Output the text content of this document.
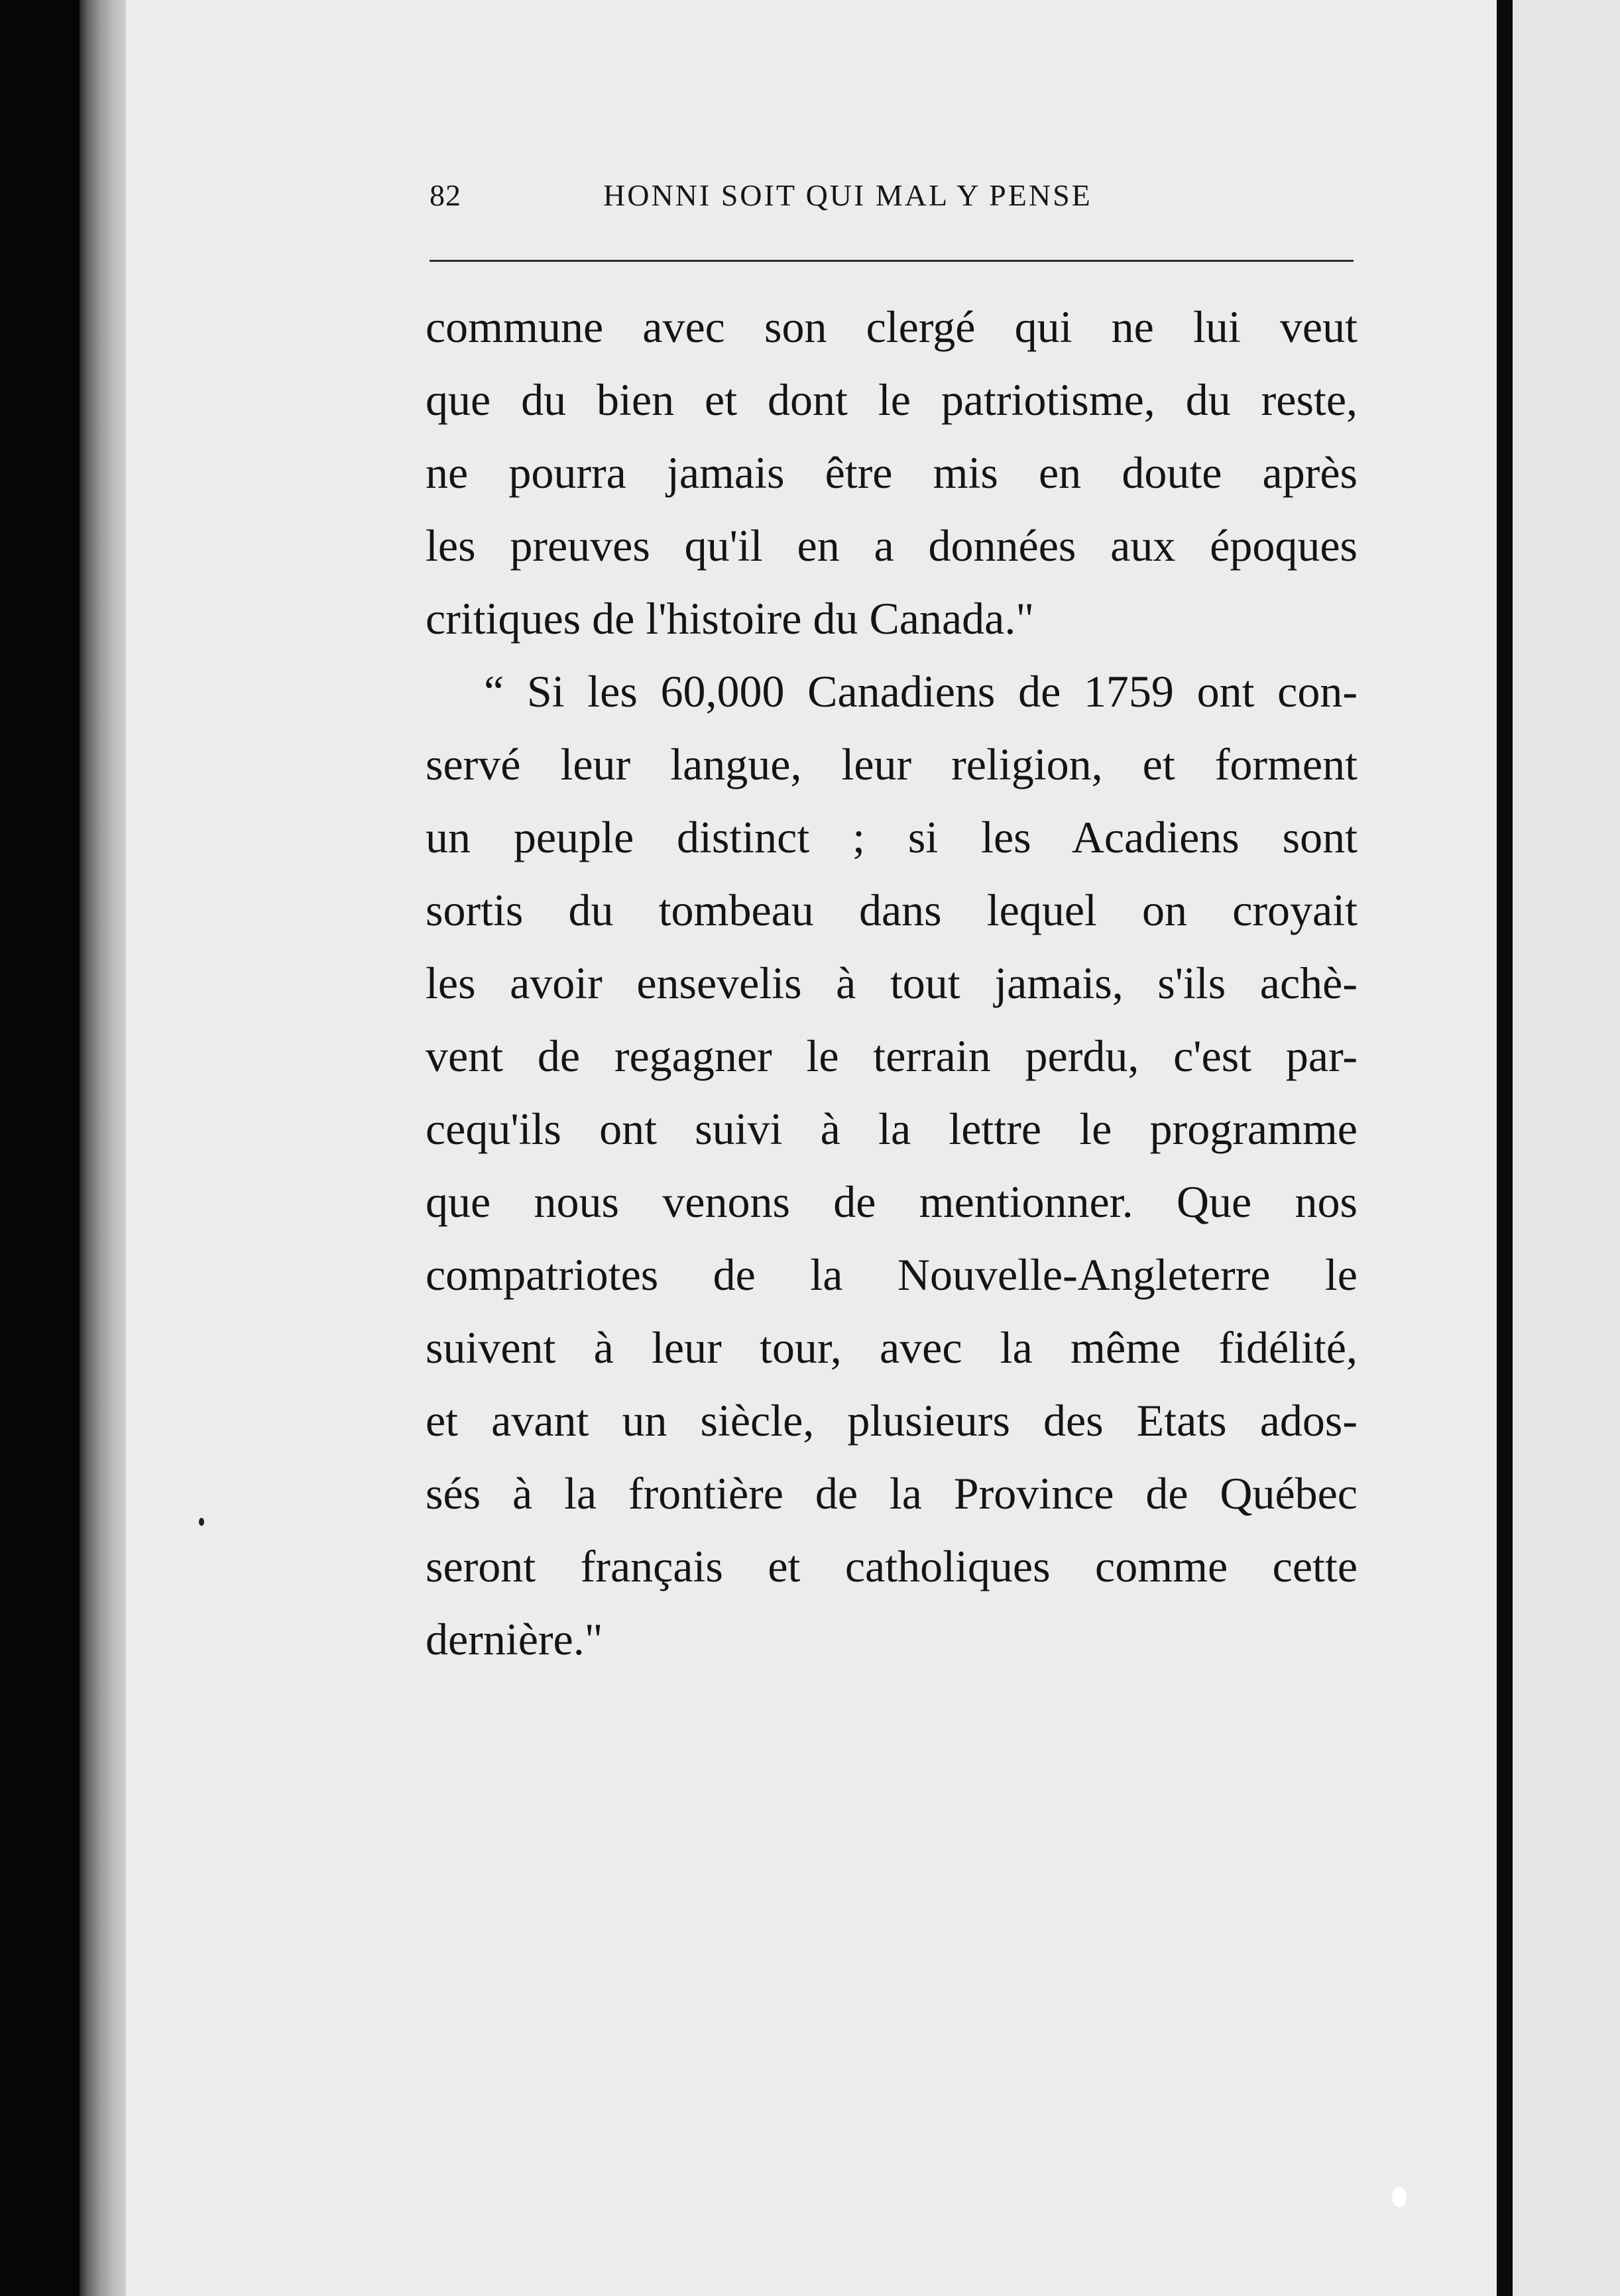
82	HONNI SOIT QUI MAL Y PENSE
commune avec son clergé qui ne lui veut
que du bien et dont le patriotisme, du reste,
ne pourra jamais être mis en doute après
les preuves qu'il en a données aux époques
critiques de l'histoire du Canada."
“ Si les 60,000 Canadiens de 1759 ont con-
servé leur langue, leur religion, et forment
un peuple distinct ; si les Acadiens sont
sortis du tombeau dans lequel on croyait
les avoir ensevelis à tout jamais, s'ils achè-
vent de regagner le terrain perdu, c'est par-
cequ'ils ont suivi à la lettre le programme
que nous venons de mentionner. Que nos
compatriotes de la Nouvelle-Angleterre le
suivent à leur tour, avec la même fidélité,
et avant un siècle, plusieurs des Etats ados-
sés à la frontière de la Province de Québec
seront français et catholiques comme cette
dernière."
